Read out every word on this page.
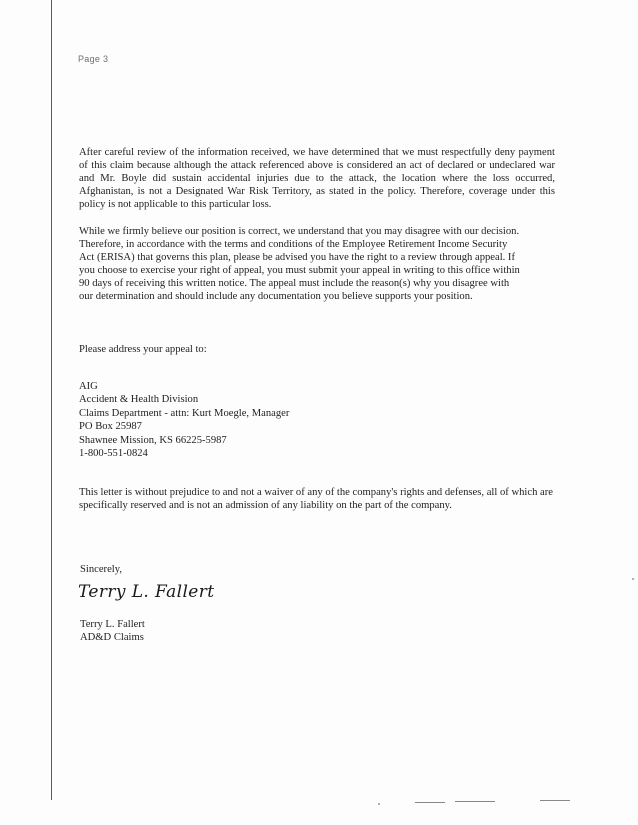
Page 3

After careful review of the information received, we have determined that we must respectfully deny payment of this claim because although the attack referenced above is considered an act of declared or undeclared war and Mr. Boyle did sustain accidental injuries due to the attack, the location where the loss occurred, Afghanistan, is not a Designated War Risk Territory, as stated in the policy. Therefore, coverage under this policy is not applicable to this particular loss.

While we firmly believe our position is correct, we understand that you may disagree with our decision. Therefore, in accordance with the terms and conditions of the Employee Retirement Income Security Act (ERISA) that governs this plan, please be advised you have the right to a review through appeal. If you choose to exercise your right of appeal, you must submit your appeal in writing to this office within 90 days of receiving this written notice. The appeal must include the reason(s) why you disagree with our determination and should include any documentation you believe supports your position.

Please address your appeal to:

AIG
Accident & Health Division
Claims Department - attn: Kurt Moegle, Manager
PO Box 25987
Shawnee Mission, KS 66225-5987
1-800-551-0824

This letter is without prejudice to and not a waiver of any of the company's rights and defenses, all of which are specifically reserved and is not an admission of any liability on the part of the company.

Sincerely,
Terry L. Fallert
Terry L. Fallert
AD&D Claims
